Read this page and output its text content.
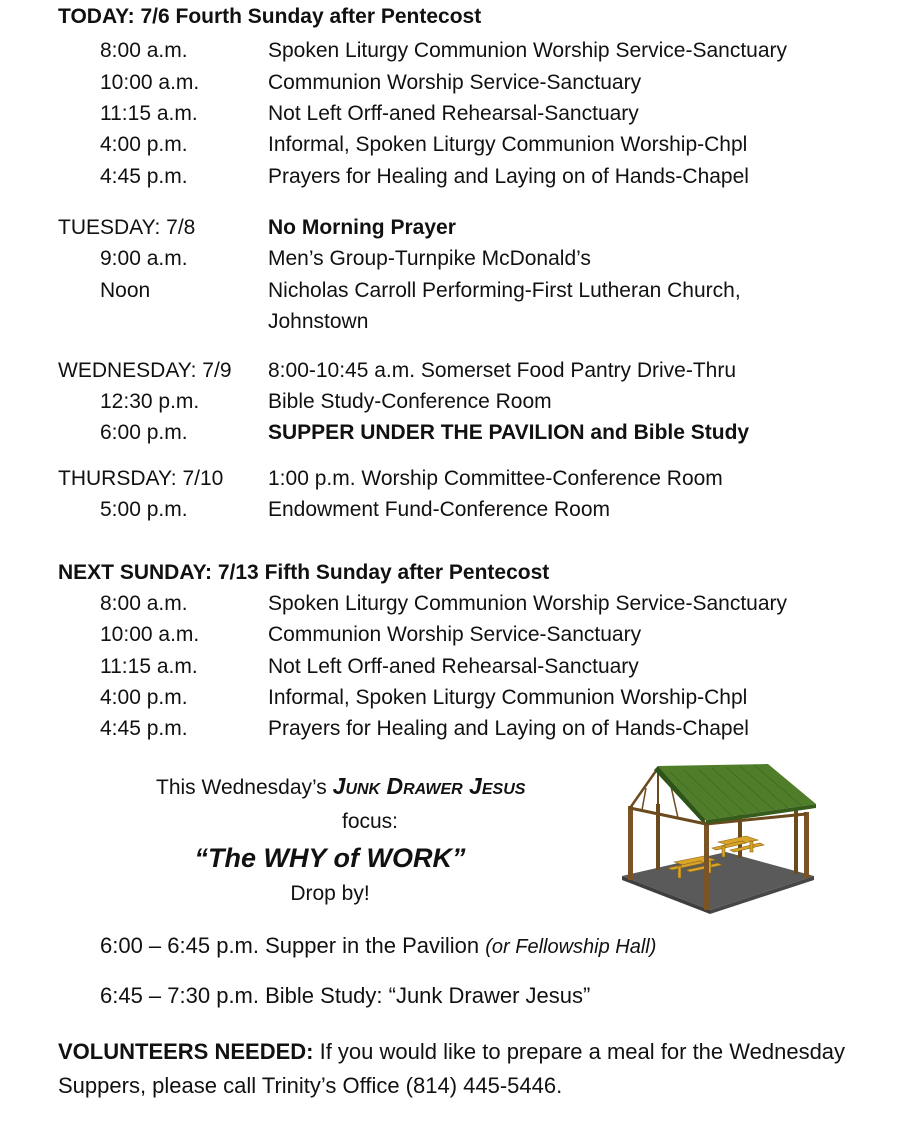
TODAY: 7/6 Fourth Sunday after Pentecost
8:00 a.m.	Spoken Liturgy Communion Worship Service-Sanctuary
10:00 a.m.	Communion Worship Service-Sanctuary
11:15 a.m.	Not Left Orff-aned Rehearsal-Sanctuary
4:00 p.m.	Informal, Spoken Liturgy Communion Worship-Chpl
4:45 p.m.	Prayers for Healing and Laying on of Hands-Chapel
TUESDAY: 7/8	No Morning Prayer
9:00 a.m.	Men’s Group-Turnpike McDonald’s
Noon	Nicholas Carroll Performing-First Lutheran Church,
Johnstown
WEDNESDAY: 7/9 8:00-10:45 a.m. Somerset Food Pantry Drive-Thru
12:30 p.m.	Bible Study-Conference Room
6:00 p.m.	SUPPER UNDER THE PAVILION and Bible Study
THURSDAY: 7/10 1:00 p.m. Worship Committee-Conference Room
5:00 p.m.	Endowment Fund-Conference Room
NEXT SUNDAY: 7/13 Fifth Sunday after Pentecost
8:00 a.m.	Spoken Liturgy Communion Worship Service-Sanctuary
10:00 a.m.	Communion Worship Service-Sanctuary
11:15 a.m.	Not Left Orff-aned Rehearsal-Sanctuary
4:00 p.m.	Informal, Spoken Liturgy Communion Worship-Chpl
4:45 p.m.	Prayers for Healing and Laying on of Hands-Chapel
This Wednesday’s Junk Drawer Jesus
focus:
“The WHY of WORK”
Drop by!
6:00 – 6:45 p.m. Supper in the Pavilion (or Fellowship Hall)
6:45 – 7:30 p.m. Bible Study: “Junk Drawer Jesus”
VOLUNTEERS NEEDED: If you would like to prepare a meal for the Wednesday Suppers, please call Trinity’s Office (814) 445-5446.
